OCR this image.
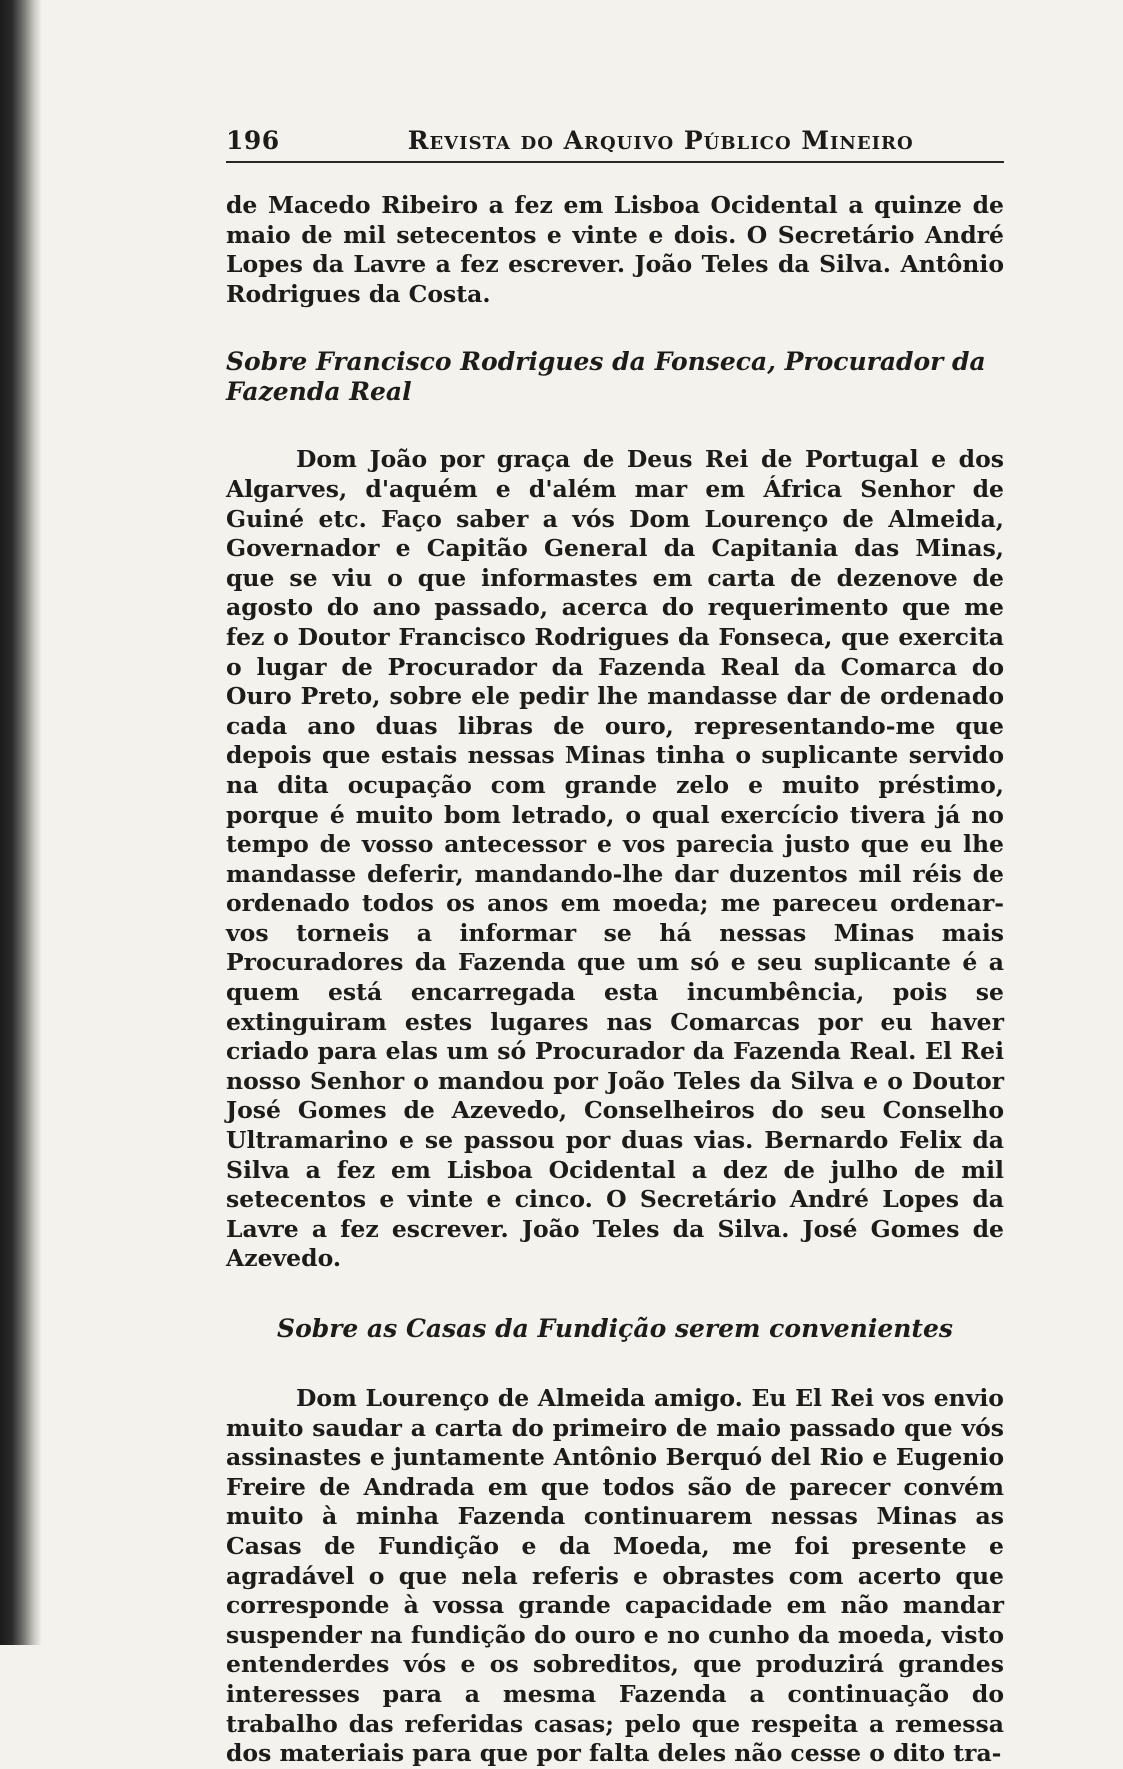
196	Revista do Arquivo Público Mineiro

de Macedo Ribeiro a fez em Lisboa Ocidental a quinze de maio de mil setecentos e vinte e dois. O Secretário André Lopes da Lavre a fez escrever. João Teles da Silva. Antônio Rodrigues da Costa.

Sobre Francisco Rodrigues da Fonseca, Procurador da Fazenda Real

Dom João por graça de Deus Rei de Portugal e dos Algarves, d'aquém e d'além mar em África Senhor de Guiné etc. Faço saber a vós Dom Lourenço de Almeida, Governador e Capitão General da Capitania das Minas, que se viu o que informastes em carta de dezenove de agosto do ano passado, acerca do requerimento que me fez o Doutor Francisco Rodrigues da Fonseca, que exercita o lugar de Procurador da Fazenda Real da Comarca do Ouro Preto, sobre ele pedir lhe mandasse dar de ordenado cada ano duas libras de ouro, representando-me que depois que estais nessas Minas tinha o suplicante servido na dita ocupação com grande zelo e muito préstimo, porque é muito bom letrado, o qual exercício tivera já no tempo de vosso antecessor e vos parecia justo que eu lhe mandasse deferir, mandando-lhe dar duzentos mil réis de ordenado todos os anos em moeda; me pareceu ordenar-vos torneis a informar se há nessas Minas mais Procuradores da Fazenda que um só e seu suplicante é a quem está encarregada esta incumbência, pois se extinguiram estes lugares nas Comarcas por eu haver criado para elas um só Procurador da Fazenda Real. El Rei nosso Senhor o mandou por João Teles da Silva e o Doutor José Gomes de Azevedo, Conselheiros do seu Conselho Ultramarino e se passou por duas vias. Bernardo Felix da Silva a fez em Lisboa Ocidental a dez de julho de mil setecentos e vinte e cinco. O Secretário André Lopes da Lavre a fez escrever. João Teles da Silva. José Gomes de Azevedo.

Sobre as Casas da Fundição serem convenientes

Dom Lourenço de Almeida amigo. Eu El Rei vos envio muito saudar a carta do primeiro de maio passado que vós assinastes e juntamente Antônio Berquó del Rio e Eugenio Freire de Andrada em que todos são de parecer convém muito à minha Fazenda continuarem nessas Minas as Casas de Fundição e da Moeda, me foi presente e agradável o que nela referis e obrastes com acerto que corresponde à vossa grande capacidade em não mandar suspender na fundição do ouro e no cunho da moeda, visto entenderdes vós e os sobreditos, que produzirá grandes interesses para a mesma Fazenda a continuação do trabalho das referidas casas; pelo que respeita a remessa dos materiais para que por falta deles não cesse o dito tra-
